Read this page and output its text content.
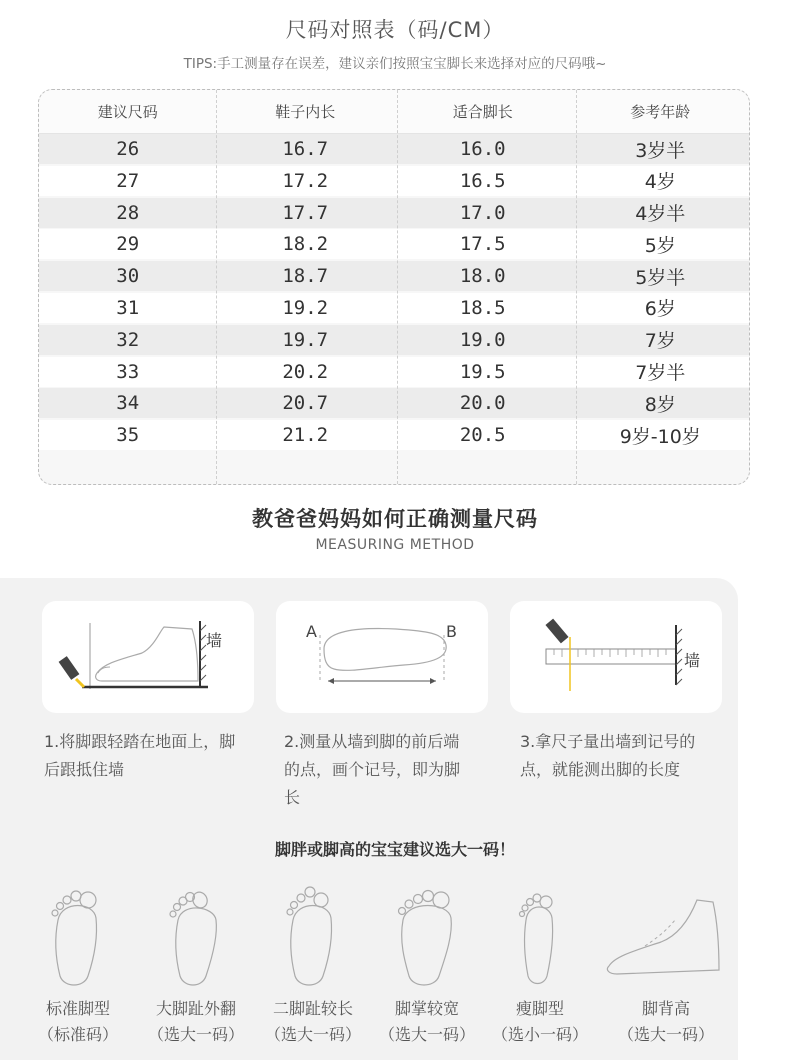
尺码对照表（码/CM）
TIPS:手工测量存在误差，建议亲们按照宝宝脚长来选择对应的尺码哦~
建议尺码	鞋子内长	适合脚长	参考年龄
26	16.7	16.0	3岁半
27	17.2	16.5	4岁
28	17.7	17.0	4岁半
29	18.2	17.5	5岁
30	18.7	18.0	5岁半
31	19.2	18.5	6岁
32	19.7	19.0	7岁
33	20.2	19.5	7岁半
34	20.7	20.0	8岁
35	21.2	20.5	9岁-10岁
教爸爸妈妈如何正确测量尺码
MEASURING METHOD
墙	A	B
墙
1.将脚跟轻踏在地面上，脚
后跟抵住墙
2.测量从墙到脚的前后端
的点，画个记号，即为脚
长
3.拿尺子量出墙到记号的
点，就能测出脚的长度
脚胖或脚高的宝宝建议选大一码！
标准脚型
（标准码）
大脚趾外翻
（选大一码）
二脚趾较长
（选大一码）
脚掌较宽
（选大一码）
瘦脚型
（选小一码）
脚背高
（选大一码）
